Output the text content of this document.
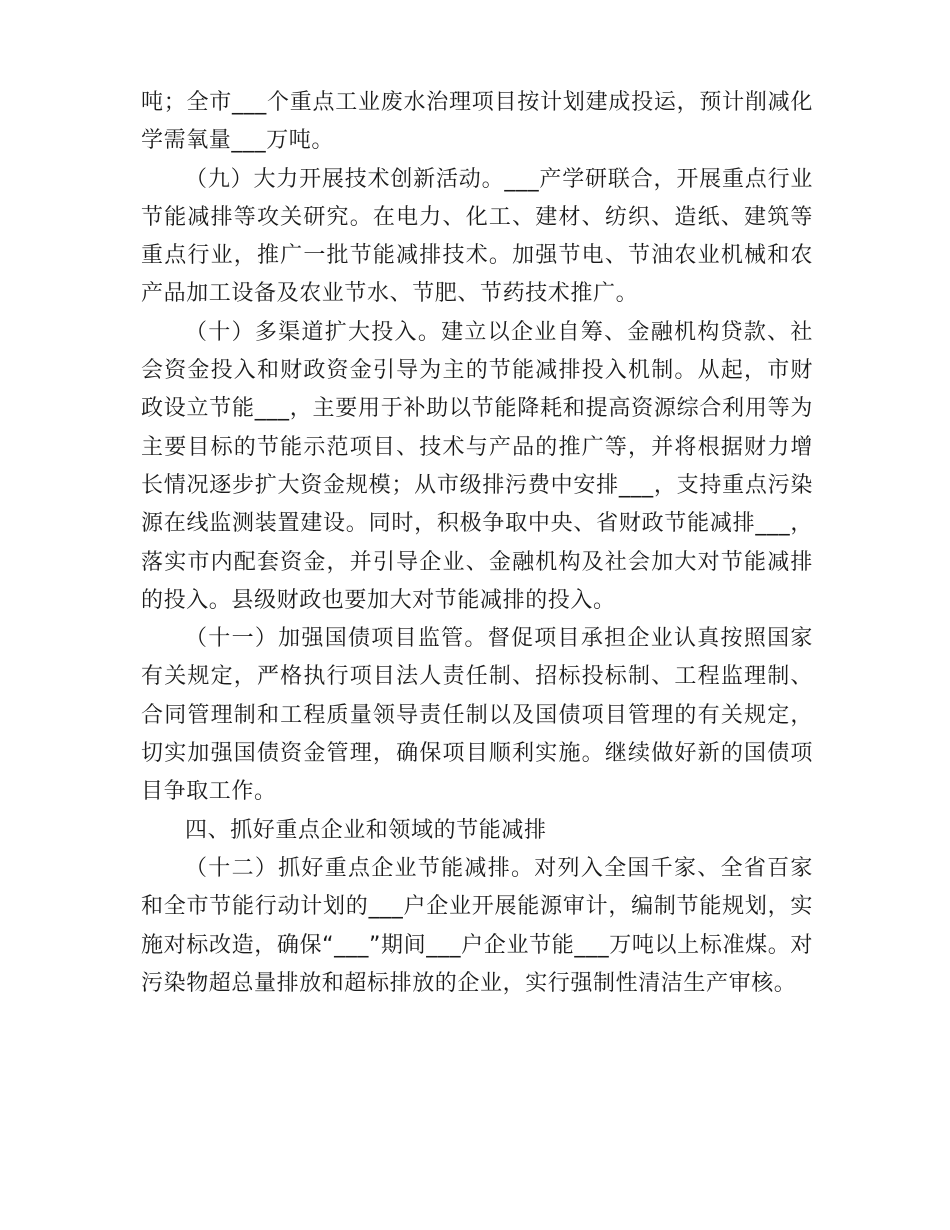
吨；全市___个重点工业废水治理项目按计划建成投运，预计削减化学需氧量___万吨。

（九）大力开展技术创新活动。___产学研联合，开展重点行业节能减排等攻关研究。在电力、化工、建材、纺织、造纸、建筑等重点行业，推广一批节能减排技术。加强节电、节油农业机械和农产品加工设备及农业节水、节肥、节药技术推广。

（十）多渠道扩大投入。建立以企业自筹、金融机构贷款、社会资金投入和财政资金引导为主的节能减排投入机制。从起，市财政设立节能___，主要用于补助以节能降耗和提高资源综合利用等为主要目标的节能示范项目、技术与产品的推广等，并将根据财力增长情况逐步扩大资金规模；从市级排污费中安排___，支持重点污染源在线监测装置建设。同时，积极争取中央、省财政节能减排___，落实市内配套资金，并引导企业、金融机构及社会加大对节能减排的投入。县级财政也要加大对节能减排的投入。

（十一）加强国债项目监管。督促项目承担企业认真按照国家有关规定，严格执行项目法人责任制、招标投标制、工程监理制、合同管理制和工程质量领导责任制以及国债项目管理的有关规定，切实加强国债资金管理，确保项目顺利实施。继续做好新的国债项目争取工作。

四、抓好重点企业和领域的节能减排

（十二）抓好重点企业节能减排。对列入全国千家、全省百家和全市节能行动计划的___户企业开展能源审计，编制节能规划，实施对标改造，确保“___”期间___户企业节能___万吨以上标准煤。对污染物超总量排放和超标排放的企业，实行强制性清洁生产审核。
